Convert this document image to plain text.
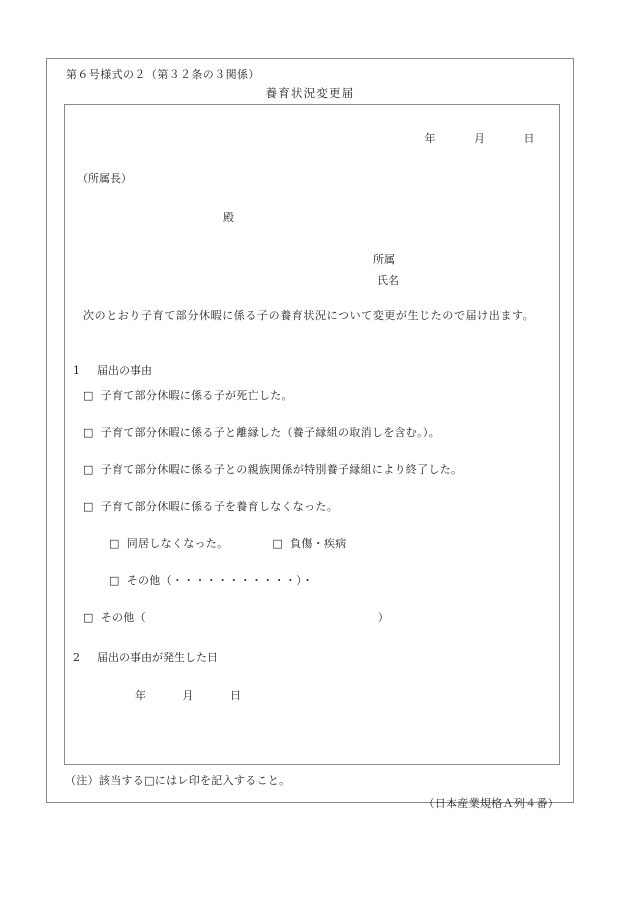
第６号様式の２（第３２条の３関係）
養育状況変更届
年	月	日
（所属長）
殿
所属
氏名
次のとおり子育て部分休暇に係る子の養育状況について変更が生じたので届け出ます。
1 届出の事由
□ 子育て部分休暇に係る子が死亡した。
□ 子育て部分休暇に係る子と離縁した（養子縁組の取消しを含む。）。
□ 子育て部分休暇に係る子との親族関係が特別養子縁組により終了した。
□ 子育て部分休暇に係る子を養育しなくなった。
□ 同居しなくなった。	□ 負傷・疾病
□ その他（・・・・・・・・・・・）・
□ その他（	）
2 届出の事由が発生した日
年	月	日
（注）該当する□にはレ印を記入すること。
（日本産業規格Ａ列４番）
